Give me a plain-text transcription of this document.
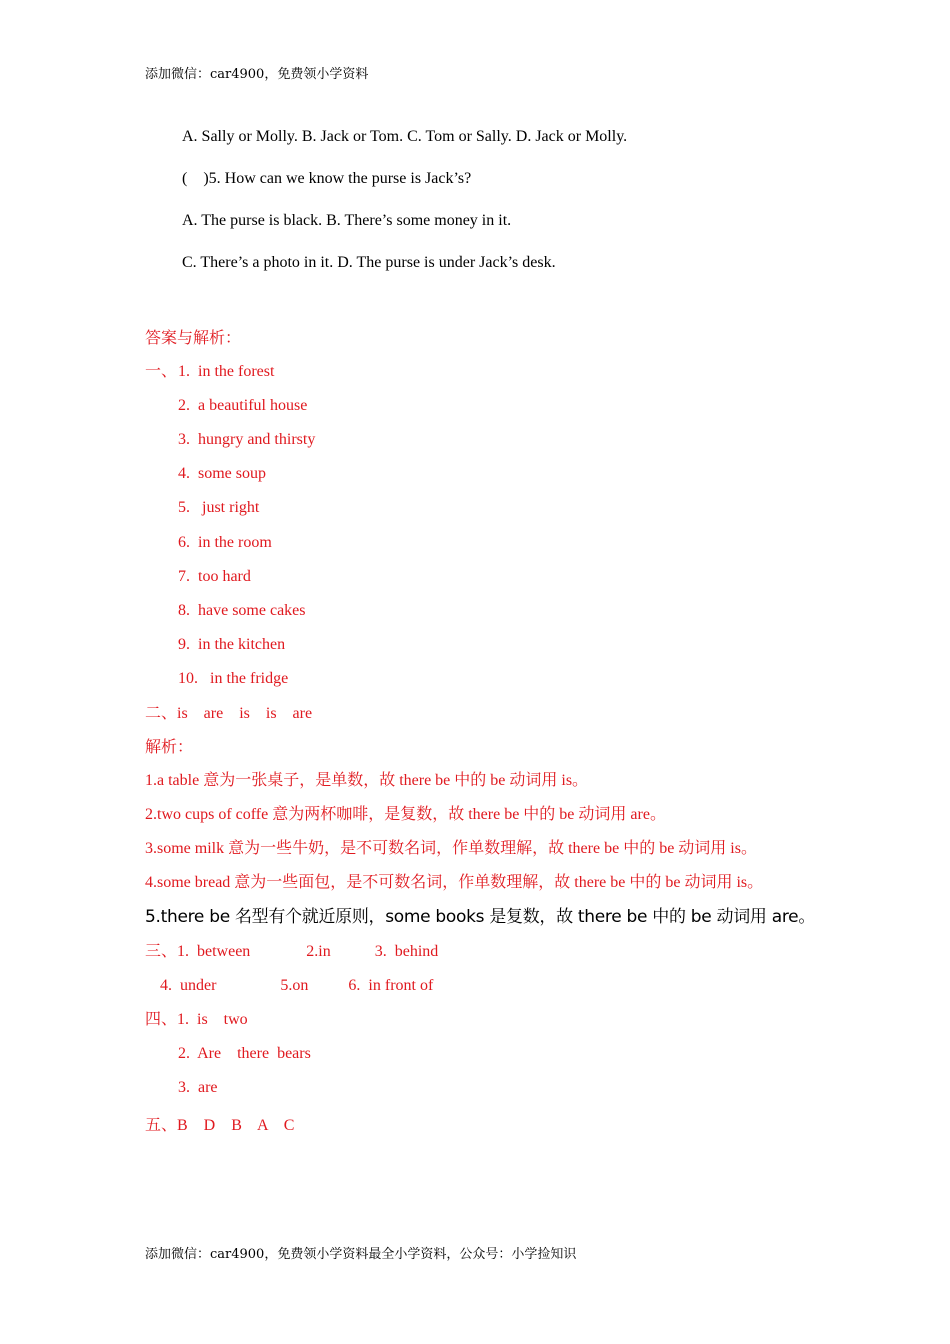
添加微信：car4900，免费领小学资料
A. Sally or Molly. B. Jack or Tom. C. Tom or Sally. D. Jack or Molly.
(    )5. How can we know the purse is Jack’s?
A. The purse is black. B. There’s some money in it.
C. There’s a photo in it. D. The purse is under Jack’s desk.
答案与解析：
一、 1.  in the forest
2.  a beautiful house
3.  hungry and thirsty
4.  some soup
5.   just right
6.  in the room
7.  too hard
8.  have some cakes
9.  in the kitchen
10.   in the fridge
二、is    are    is    is    are
解析：
1.a table 意为一张桌子，是单数，故 there be 中的 be 动词用 is。
2.two cups of coffe 意为两杯咖啡，是复数，故 there be 中的 be 动词用 are。
3.some milk 意为一些牛奶，是不可数名词，作单数理解，故 there be 中的 be 动词用 is。
4.some bread 意为一些面包，是不可数名词，作单数理解，故 there be 中的 be 动词用 is。
5.there be 名型有个就近原则，some books 是复数，故 there be 中的 be 动词用 are。
三、1.  between              2.in           3.  behind
4.  under                5.on          6.  in front of
四、1.  is    two
2.  Are    there  bears
3.  are
五、B    D    B    A    C
添加微信：car4900，免费领小学资料最全小学资料，公众号：小学捡知识
